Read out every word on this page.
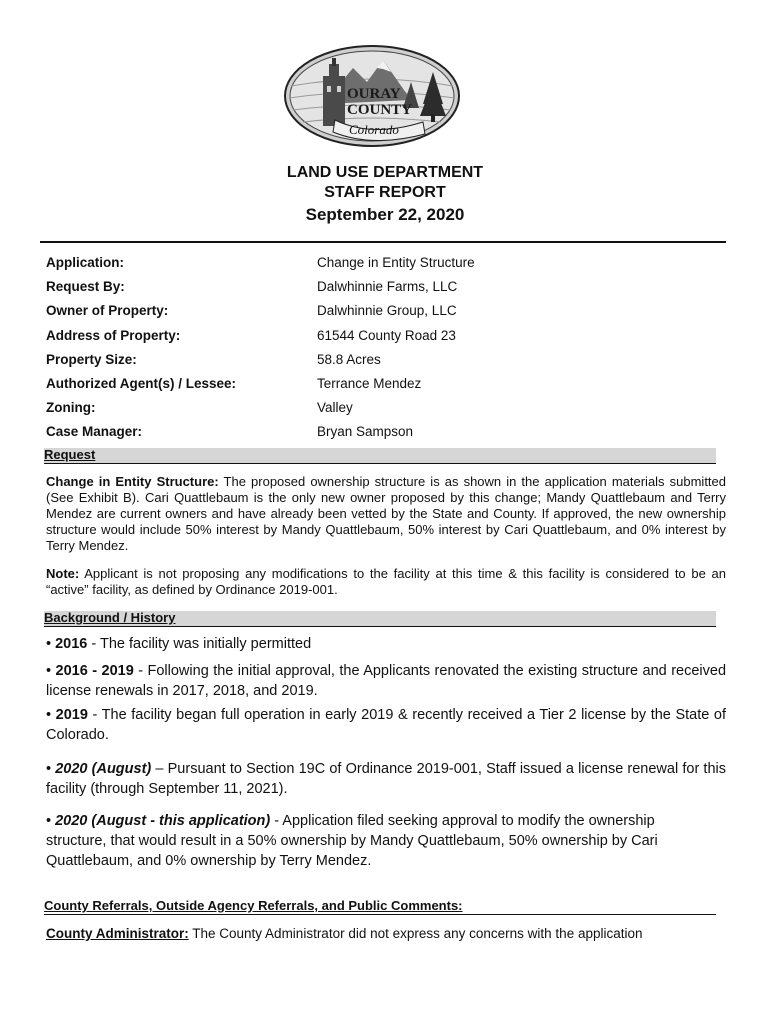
OURAY
COUNTY
Colorado
LAND USE DEPARTMENT
STAFF REPORT
September 22, 2020
Application:	Change in Entity Structure
Request By:	Dalwhinnie Farms, LLC
Owner of Property:	Dalwhinnie Group, LLC
Address of Property:	61544 County Road 23
Property Size:	58.8 Acres
Authorized Agent(s) / Lessee:	Terrance Mendez
Zoning:	Valley
Case Manager:	Bryan Sampson
Request
Change in Entity Structure: The proposed ownership structure is as shown in the application materials submitted (See Exhibit B). Cari Quattlebaum is the only new owner proposed by this change; Mandy Quattlebaum and Terry Mendez are current owners and have already been vetted by the State and County. If approved, the new ownership structure would include 50% interest by Mandy Quattlebaum, 50% interest by Cari Quattlebaum, and 0% interest by Terry Mendez.
Note: Applicant is not proposing any modifications to the facility at this time & this facility is considered to be an “active” facility, as defined by Ordinance 2019-001.
Background / History
• 2016 - The facility was initially permitted
• 2016 - 2019 - Following the initial approval, the Applicants renovated the existing structure and received license renewals in 2017, 2018, and 2019.
• 2019 - The facility began full operation in early 2019 & recently received a Tier 2 license by the State of Colorado.
• 2020 (August) – Pursuant to Section 19C of Ordinance 2019-001, Staff issued a license renewal for this facility (through September 11, 2021).
• 2020 (August - this application) - Application filed seeking approval to modify the ownership structure, that would result in a 50% ownership by Mandy Quattlebaum, 50% ownership by Cari Quattlebaum, and 0% ownership by Terry Mendez.
County Referrals, Outside Agency Referrals, and Public Comments:
County Administrator: The County Administrator did not express any concerns with the application
